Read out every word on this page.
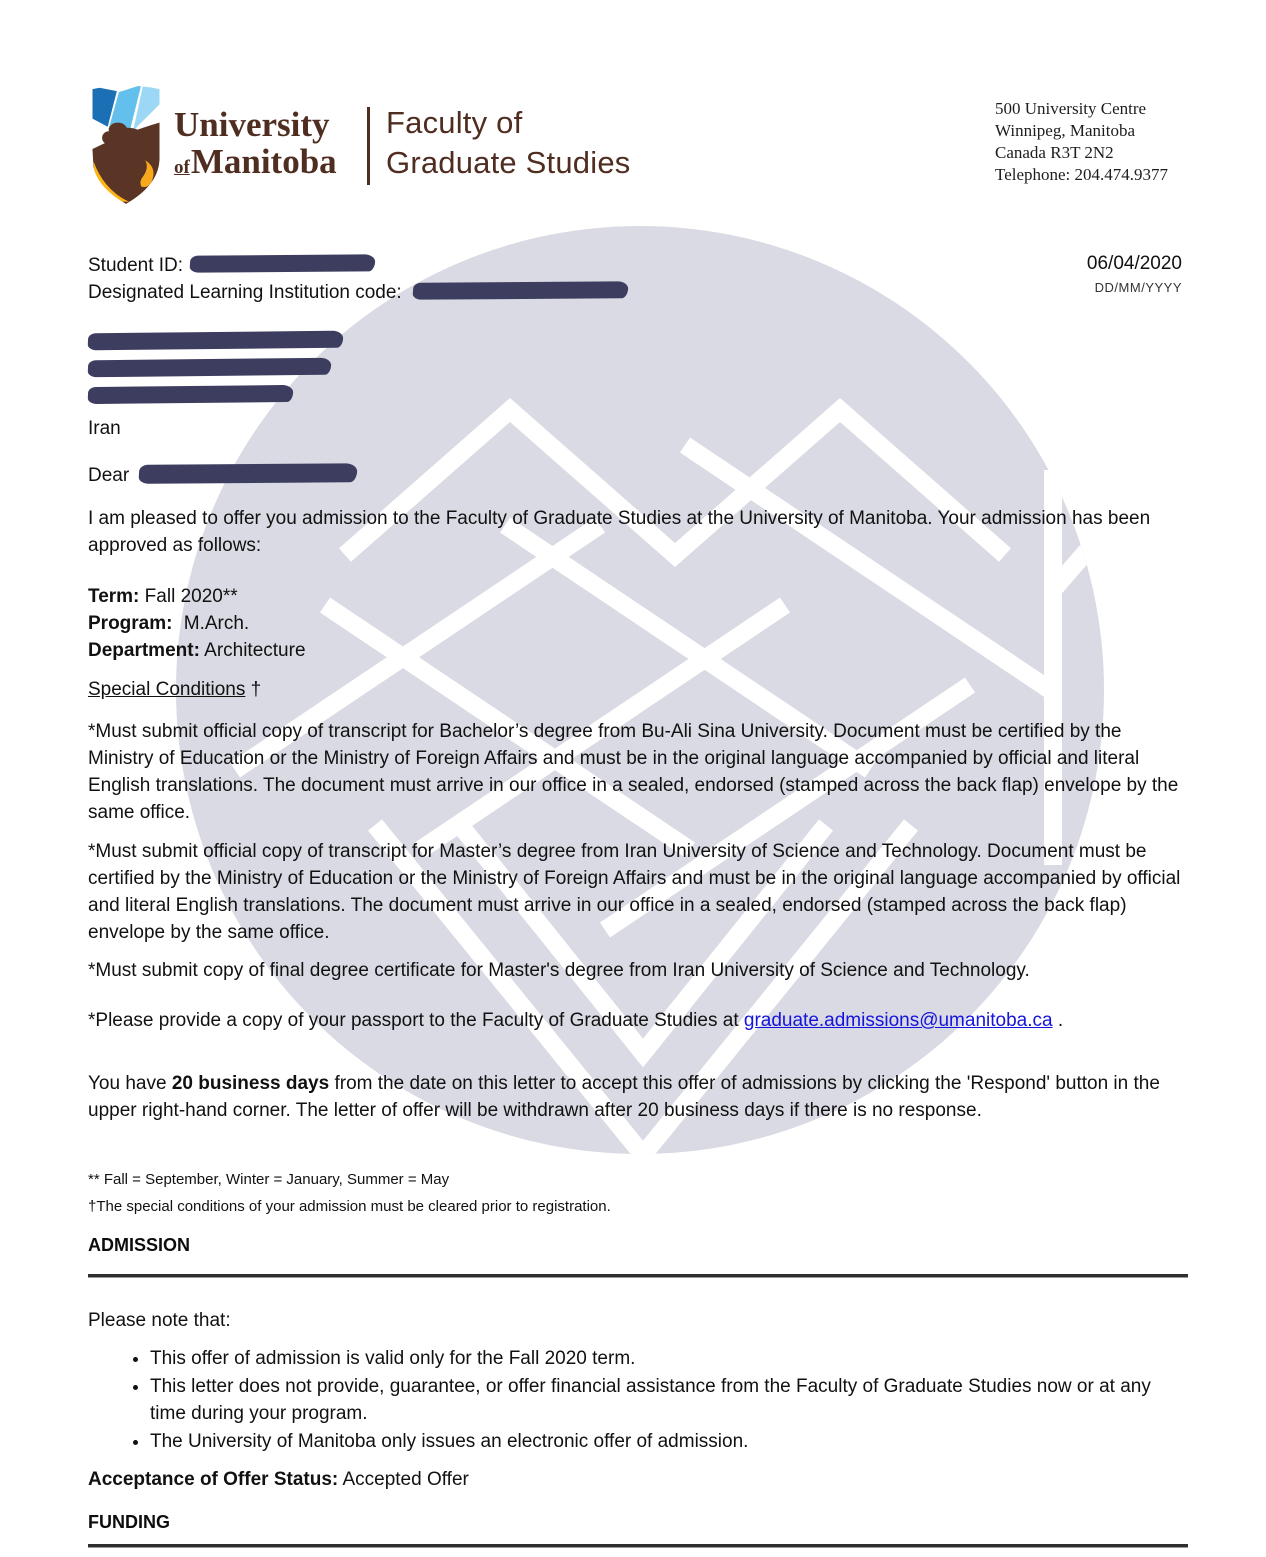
University
ofManitoba
Faculty of
Graduate Studies
500 University Centre
Winnipeg, Manitoba
Canada R3T 2N2
Telephone: 204.474.9377
Student ID:
Designated Learning Institution code:
06/04/2020
DD/MM/YYYY
Iran
Dear
I am pleased to offer you admission to the Faculty of Graduate Studies at the University of Manitoba. Your admission has been approved as follows:
Term: Fall 2020**
Program: M.Arch.
Department: Architecture
Special Conditions †
*Must submit official copy of transcript for Bachelor’s degree from Bu-Ali Sina University. Document must be certified by the Ministry of Education or the Ministry of Foreign Affairs and must be in the original language accompanied by official and literal English translations. The document must arrive in our office in a sealed, endorsed (stamped across the back flap) envelope by the same office.
*Must submit official copy of transcript for Master’s degree from Iran University of Science and Technology. Document must be certified by the Ministry of Education or the Ministry of Foreign Affairs and must be in the original language accompanied by official and literal English translations. The document must arrive in our office in a sealed, endorsed (stamped across the back flap) envelope by the same office.
*Must submit copy of final degree certificate for Master's degree from Iran University of Science and Technology.
*Please provide a copy of your passport to the Faculty of Graduate Studies at graduate.admissions@umanitoba.ca .
You have 20 business days from the date on this letter to accept this offer of admissions by clicking the 'Respond' button in the upper right-hand corner. The letter of offer will be withdrawn after 20 business days if there is no response.
** Fall = September, Winter = January, Summer = May
†The special conditions of your admission must be cleared prior to registration.
ADMISSION
Please note that:
• This offer of admission is valid only for the Fall 2020 term.
• This letter does not provide, guarantee, or offer financial assistance from the Faculty of Graduate Studies now or at any time during your program.
• The University of Manitoba only issues an electronic offer of admission.
Acceptance of Offer Status: Accepted Offer
FUNDING
